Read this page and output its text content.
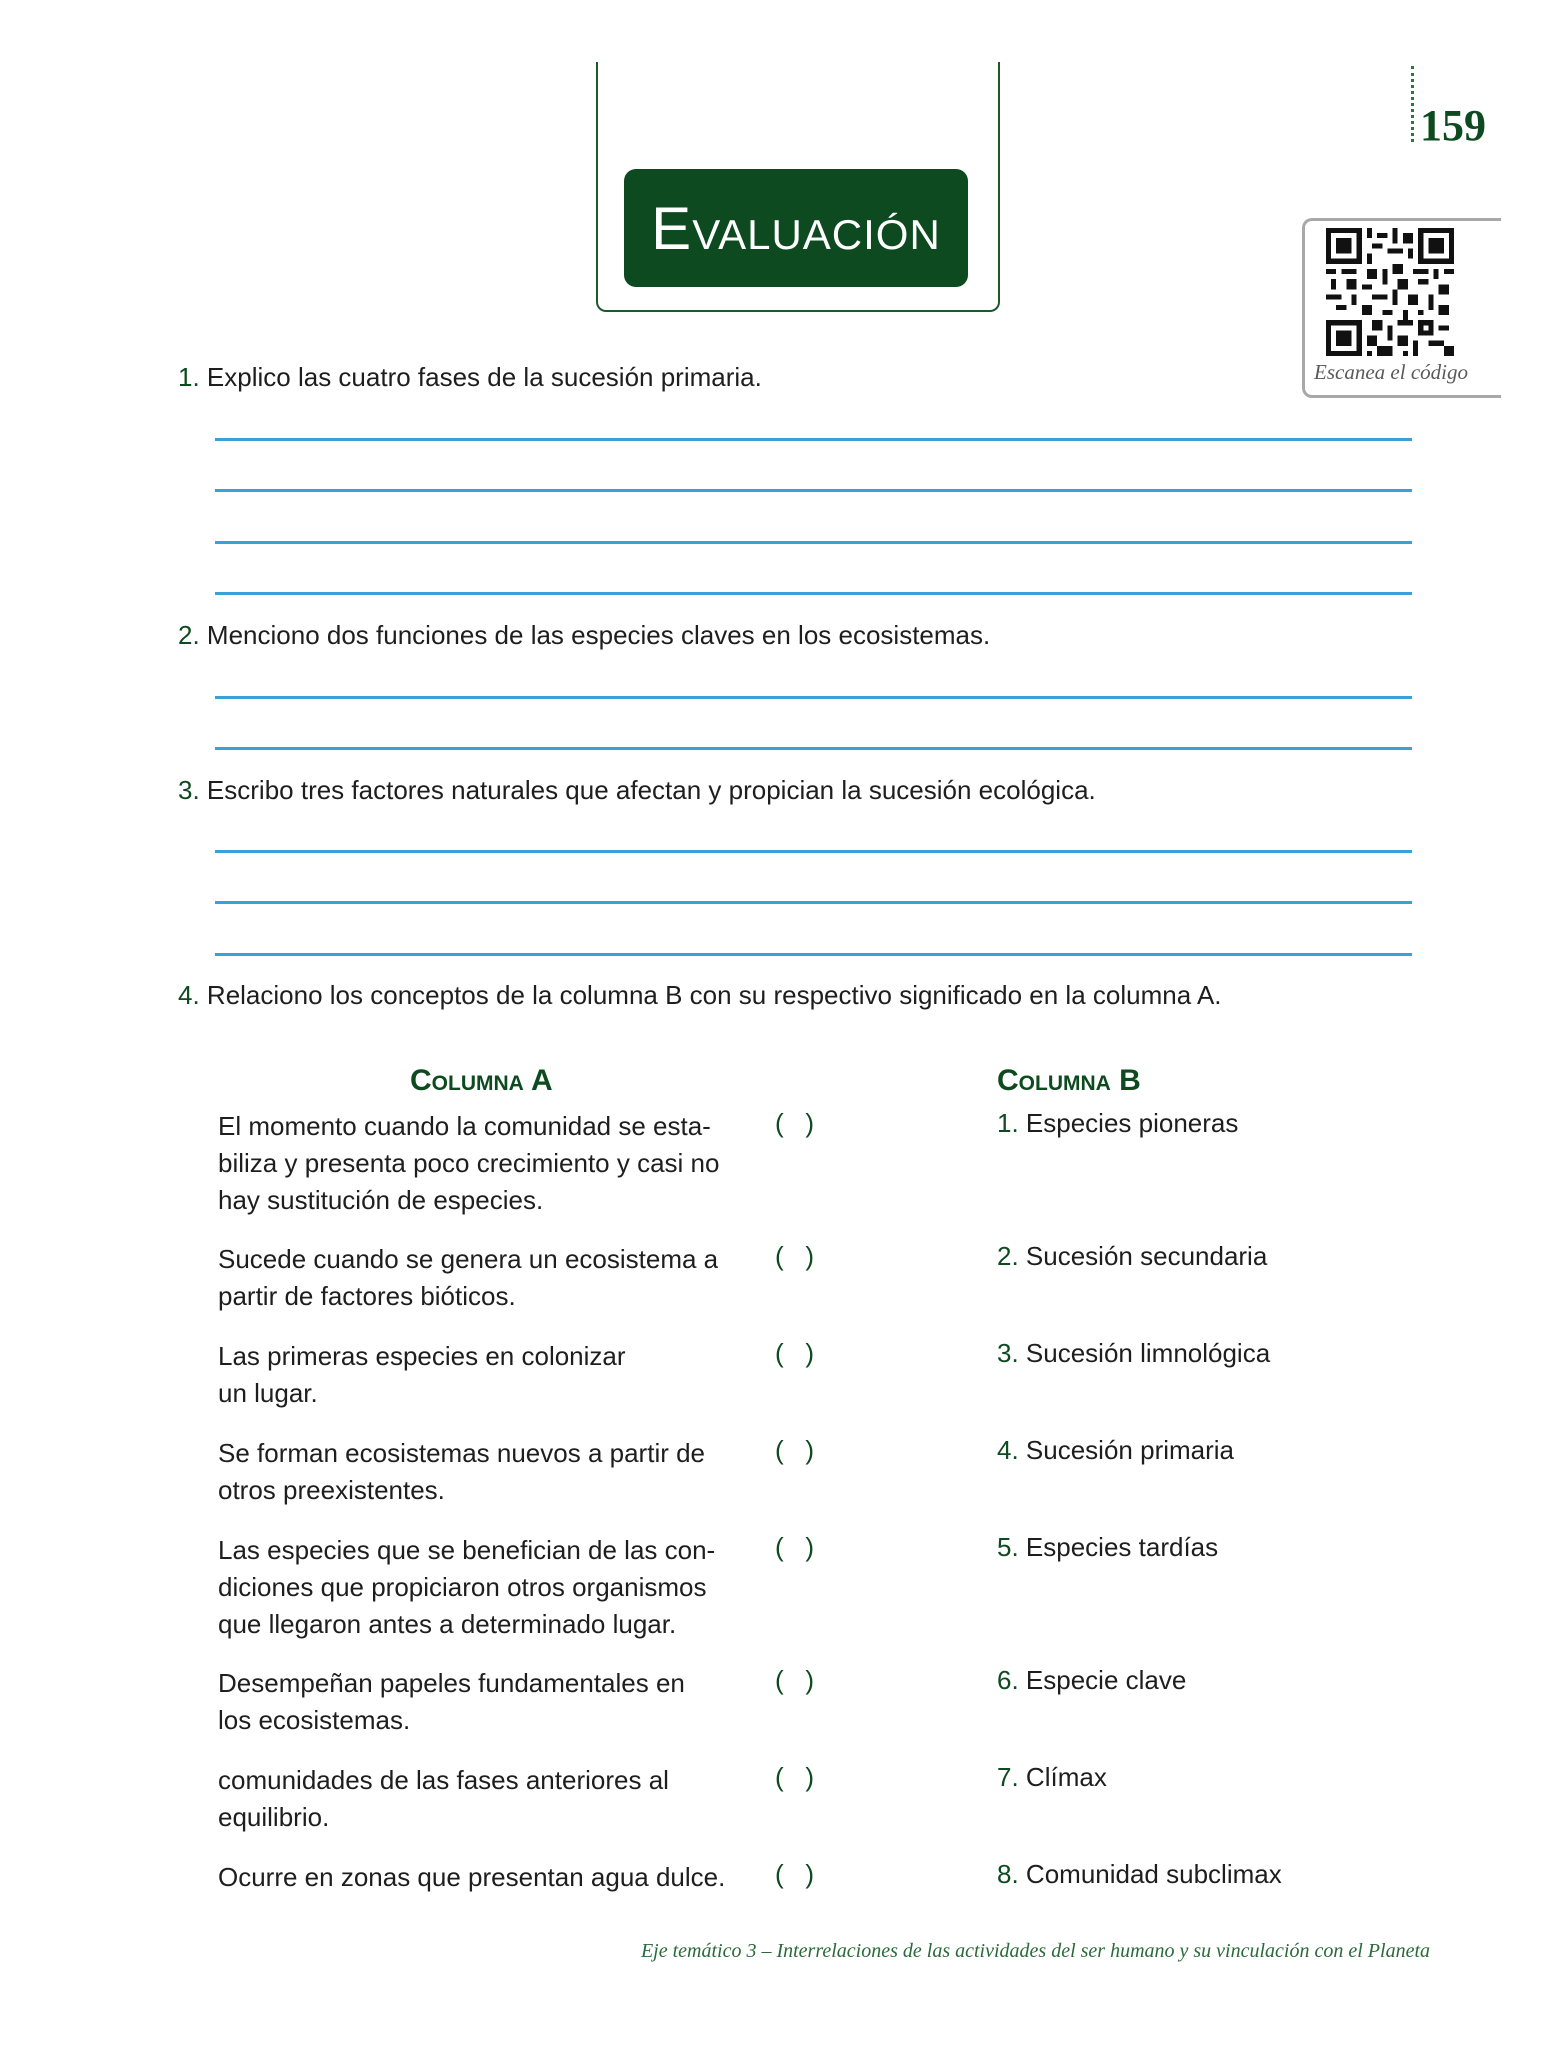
Evaluación
159
Escanea el código
1. Explico las cuatro fases de la sucesión primaria.
2. Menciono dos funciones de las especies claves en los ecosistemas.
3. Escribo tres factores naturales que afectan y propician la sucesión ecológica.
4. Relaciono los conceptos de la columna B con su respectivo significado en la columna A.
Columna A	Columna B
El momento cuando la comunidad se esta-
biliza y presenta poco crecimiento y casi no
hay sustitución de especies.
(   )	1. Especies pioneras
Sucede cuando se genera un ecosistema a
partir de factores bióticos.
(   )	2. Sucesión secundaria
Las primeras especies en colonizar
un lugar.
(   )	3. Sucesión limnológica
Se forman ecosistemas nuevos a partir de
otros preexistentes.
(   )	4. Sucesión primaria
Las especies que se benefician de las con-
diciones que propiciaron otros organismos
que llegaron antes a determinado lugar.
(   )	5. Especies tardías
Desempeñan papeles fundamentales en
los ecosistemas.
(   )	6. Especie clave
comunidades de las fases anteriores al
equilibrio.
(   )	7. Clímax
Ocurre en zonas que presentan agua dulce.	(   )	8. Comunidad subclimax
Eje temático 3 – Interrelaciones de las actividades del ser humano y su vinculación con el Planeta
